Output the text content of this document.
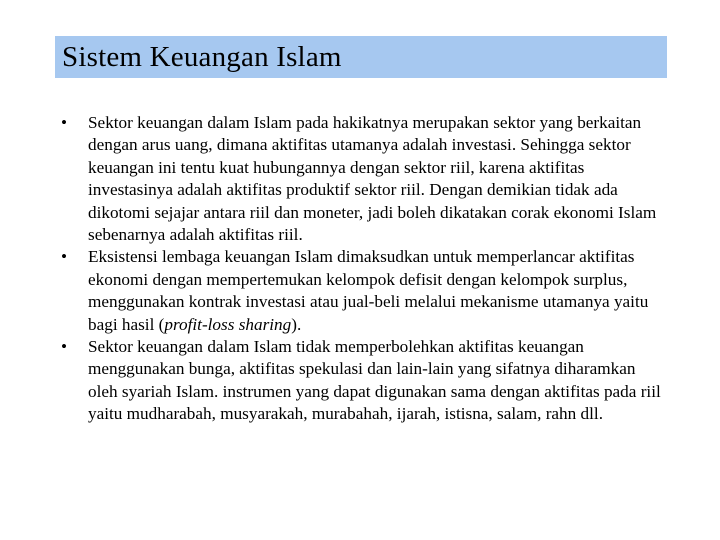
Sistem Keuangan Islam
• Sektor keuangan dalam Islam pada hakikatnya merupakan sektor yang berkaitan dengan arus uang, dimana aktifitas utamanya adalah investasi. Sehingga sektor keuangan ini tentu kuat hubungannya dengan sektor riil, karena aktifitas investasinya adalah aktifitas produktif sektor riil. Dengan demikian tidak ada dikotomi sejajar antara riil dan moneter, jadi boleh dikatakan corak ekonomi Islam sebenarnya adalah aktifitas riil.
• Eksistensi lembaga keuangan Islam dimaksudkan untuk memperlancar aktifitas ekonomi dengan mempertemukan kelompok defisit dengan kelompok surplus, menggunakan kontrak investasi atau jual-beli melalui mekanisme utamanya yaitu bagi hasil (profit-loss sharing).
• Sektor keuangan dalam Islam tidak memperbolehkan aktifitas keuangan menggunakan bunga, aktifitas spekulasi dan lain-lain yang sifatnya diharamkan oleh syariah Islam. instrumen yang dapat digunakan sama dengan aktifitas pada riil yaitu mudharabah, musyarakah, murabahah, ijarah, istisna, salam, rahn dll.
